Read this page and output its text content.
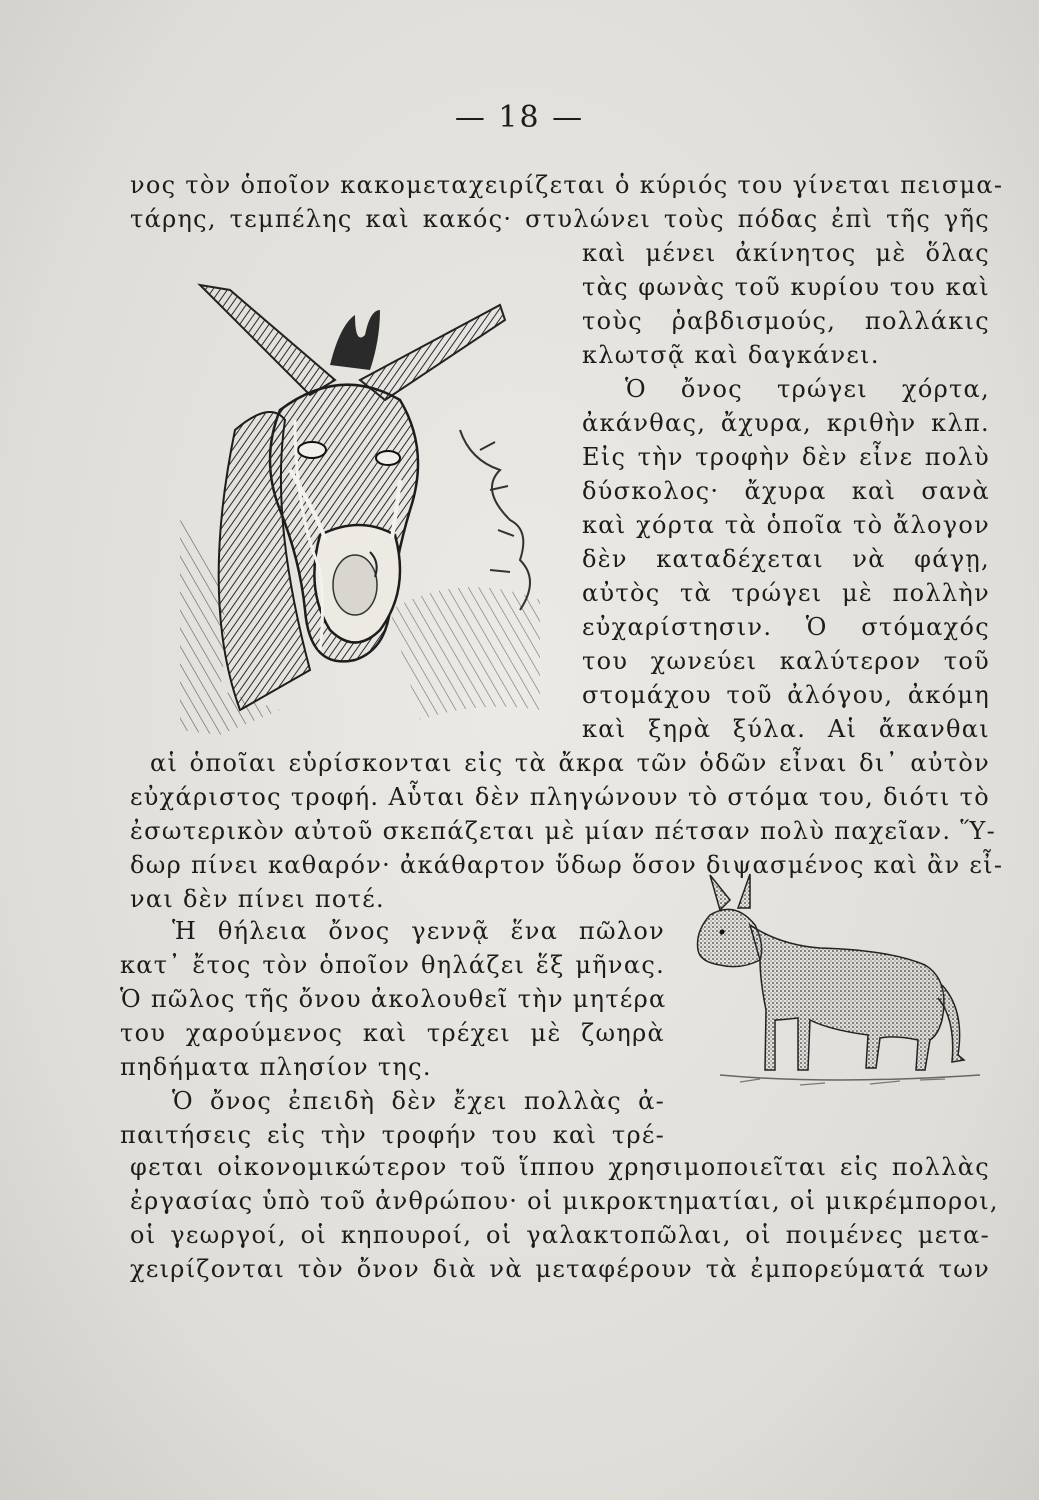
— 18 —
νος τὸν ὁποῖον κακομεταχειρίζεται ὁ κύριός του γίνεται πεισμα-
τάρης, τεμπέλης καὶ κακός· στυλώνει τοὺς πόδας ἐπὶ τῆς γῆς
καὶ μένει ἀκίνητος μὲ ὅλας
τὰς φωνὰς τοῦ κυρίου του καὶ
τοὺς ῥαβδισμούς, πολλάκις
κλωτσᾷ καὶ δαγκάνει.
Ὁ ὄνος τρώγει χόρτα,
ἀκάνθας, ἄχυρα, κριθὴν κλπ.
Εἰς τὴν τροφὴν δὲν εἶνε πολὺ
δύσκολος· ἄχυρα καὶ σανὰ
καὶ χόρτα τὰ ὁποῖα τὸ ἄλογον
δὲν καταδέχεται νὰ φάγῃ,
αὐτὸς τὰ τρώγει μὲ πολλὴν
εὐχαρίστησιν. Ὁ στόμαχός
του χωνεύει καλύτερον τοῦ
στομάχου τοῦ ἀλόγου, ἀκόμη
καὶ ξηρὰ ξύλα. Αἱ ἄκανθαι
αἱ ὁποῖαι εὑρίσκονται εἰς τὰ ἄκρα τῶν ὁδῶν εἶναι δι᾽ αὐτὸν
εὐχάριστος τροφή. Αὗται δὲν πληγώνουν τὸ στόμα του, διότι τὸ
ἐσωτερικὸν αὐτοῦ σκεπάζεται μὲ μίαν πέτσαν πολὺ παχεῖαν. Ὕ-
δωρ πίνει καθαρόν· ἀκάθαρτον ὕδωρ ὅσον διψασμένος καὶ ἂν εἶ-
ναι δὲν πίνει ποτέ.
Ἡ θήλεια ὄνος γεννᾷ ἕνα πῶλον
κατ᾽ ἔτος τὸν ὁποῖον θηλάζει ἕξ μῆνας.
Ὁ πῶλος τῆς ὄνου ἀκολουθεῖ τὴν μητέρα
του χαρούμενος καὶ τρέχει μὲ ζωηρὰ
πηδήματα πλησίον της.
Ὁ ὄνος ἐπειδὴ δὲν ἔχει πολλὰς ἀ-
παιτήσεις εἰς τὴν τροφήν του καὶ τρέ-
φεται οἰκονομικώτερον τοῦ ἵππου χρησιμοποιεῖται εἰς πολλὰς
ἐργασίας ὑπὸ τοῦ ἀνθρώπου· οἱ μικροκτηματίαι, οἱ μικρέμποροι,
οἱ γεωργοί, οἱ κηπουροί, οἱ γαλακτοπῶλαι, οἱ ποιμένες μετα-
χειρίζονται τὸν ὄνον διὰ νὰ μεταφέρουν τὰ ἐμπορεύματά των
